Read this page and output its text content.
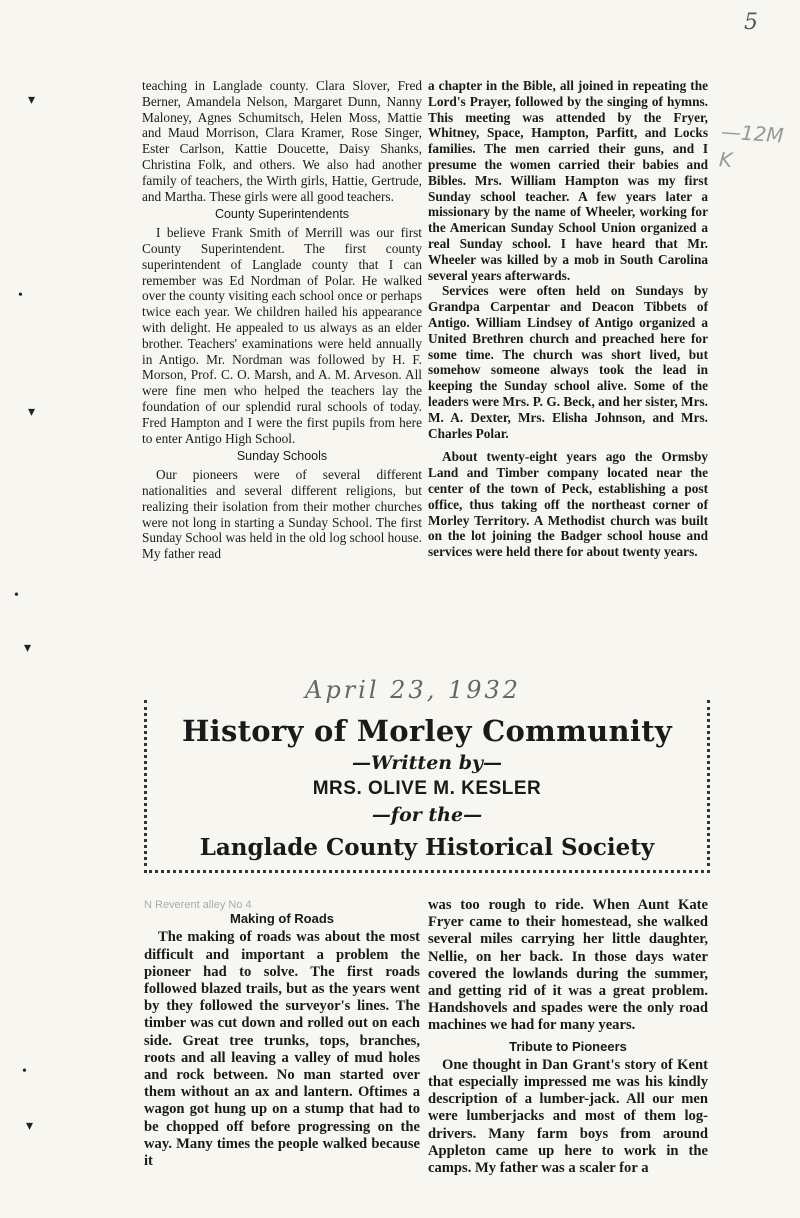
5
—12M K
▾
•
▾
•
▾
•
▾

teaching in Langlade county. Clara Slover, Fred Berner, Amandela Nelson, Margaret Dunn, Nanny Maloney, Agnes Schumitsch, Helen Moss, Mattie and Maud Morrison, Clara Kramer, Rose Singer, Ester Carlson, Kattie Doucette, Daisy Shanks, Christina Folk, and others. We also had another family of teachers, the Wirth girls, Hattie, Gertrude, and Martha. These girls were all good teachers.

County Superintendents

I believe Frank Smith of Merrill was our first County Superintendent. The first county superintendent of Langlade county that I can remember was Ed Nordman of Polar. He walked over the county visiting each school once or perhaps twice each year. We children hailed his appearance with delight. He appealed to us always as an elder brother. Teachers' examinations were held annually in Antigo. Mr. Nordman was followed by H. F. Morson, Prof. C. O. Marsh, and A. M. Arveson. All were fine men who helped the teachers lay the foundation of our splendid rural schools of today. Fred Hampton and I were the first pupils from here to enter Antigo High School.

Sunday Schools

Our pioneers were of several different nationalities and several different religions, but realizing their isolation from their mother churches were not long in starting a Sunday School. The first Sunday School was held in the old log school house. My father read

a chapter in the Bible, all joined in repeating the Lord's Prayer, followed by the singing of hymns. This meeting was attended by the Fryer, Whitney, Space, Hampton, Parfitt, and Locks families. The men carried their guns, and I presume the women carried their babies and Bibles. Mrs. William Hampton was my first Sunday school teacher. A few years later a missionary by the name of Wheeler, working for the American Sunday School Union organized a real Sunday school. I have heard that Mr. Wheeler was killed by a mob in South Carolina several years afterwards.

Services were often held on Sundays by Grandpa Carpentar and Deacon Tibbets of Antigo. William Lindsey of Antigo organized a United Brethren church and preached here for some time. The church was short lived, but somehow someone always took the lead in keeping the Sunday school alive. Some of the leaders were Mrs. P. G. Beck, and her sister, Mrs. M. A. Dexter, Mrs. Elisha Johnson, and Mrs. Charles Polar.

About twenty-eight years ago the Ormsby Land and Timber company located near the center of the town of Peck, establishing a post office, thus taking off the northeast corner of Morley Territory. A Methodist church was built on the lot joining the Badger school house and services were held there for about twenty years.

April 23, 1932
History of Morley Community
—Written by—
MRS. OLIVE M. KESLER
—for the—
Langlade County Historical Society
N Reverent alley No 4

Making of Roads

The making of roads was about the most difficult and important a problem the pioneer had to solve. The first roads followed blazed trails, but as the years went by they followed the surveyor's lines. The timber was cut down and rolled out on each side. Great tree trunks, tops, branches, roots and all leaving a valley of mud holes and rock between. No man started over them without an ax and lantern. Oftimes a wagon got hung up on a stump that had to be chopped off before progressing on the way. Many times the people walked because it

was too rough to ride. When Aunt Kate Fryer came to their homestead, she walked several miles carrying her little daughter, Nellie, on her back. In those days water covered the lowlands during the summer, and getting rid of it was a great problem. Handshovels and spades were the only road machines we had for many years.

Tribute to Pioneers

One thought in Dan Grant's story of Kent that especially impressed me was his kindly description of a lumber-jack. All our men were lumberjacks and most of them log-drivers. Many farm boys from around Appleton came up here to work in the camps. My father was a scaler for a
